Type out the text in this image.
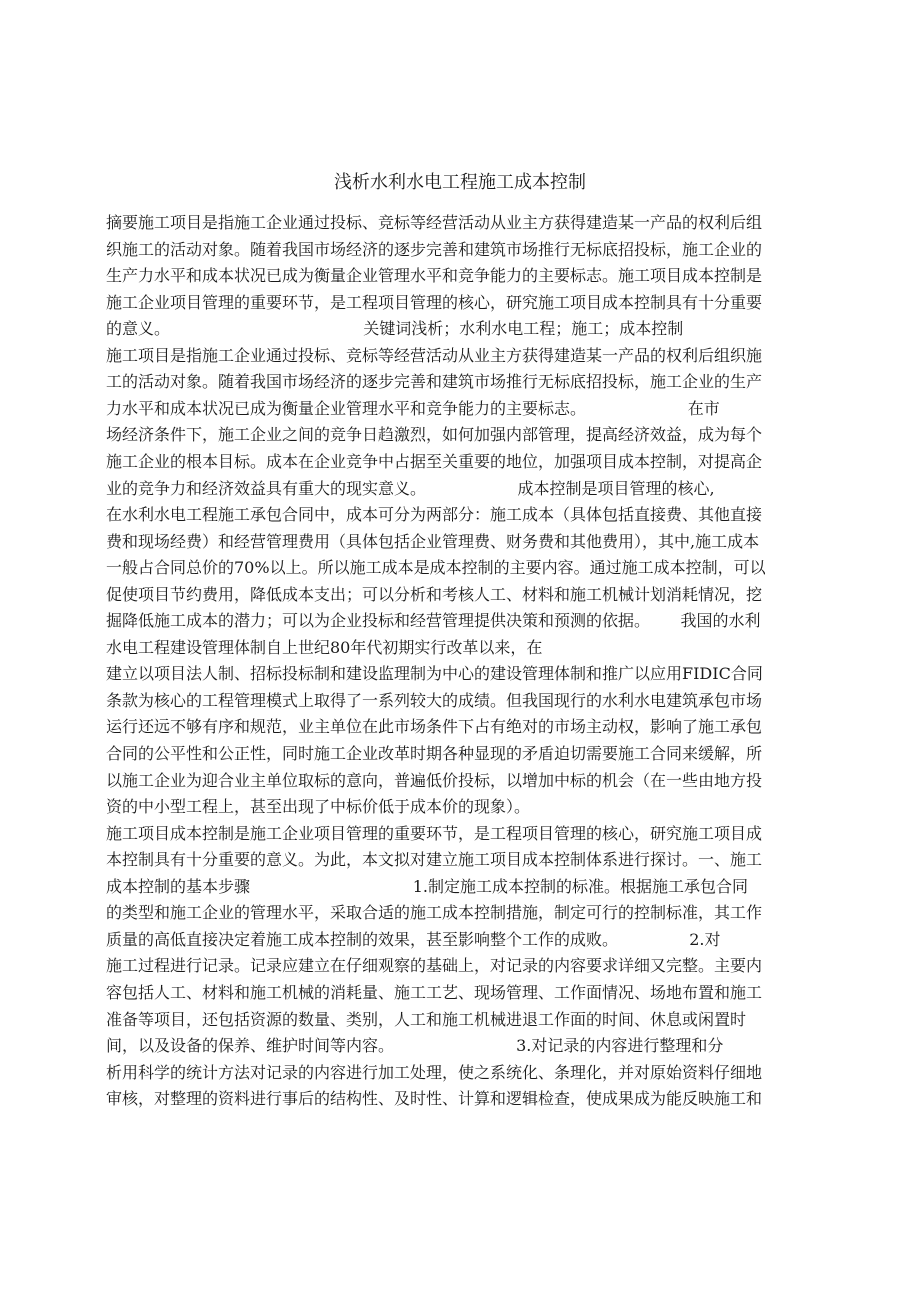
浅析水利水电工程施工成本控制
摘要施工项目是指施工企业通过投标、竞标等经营活动从业主方获得建造某一产品的权利后组
织施工的活动对象。随着我国市场经济的逐步完善和建筑市场推行无标底招投标，施工企业的
生产力水平和成本状况已成为衡量企业管理水平和竞争能力的主要标志。施工项目成本控制是
施工企业项目管理的重要环节，是工程项目管理的核心，研究施工项目成本控制具有十分重要
的意义。                                      关键词浅析；水利水电工程；施工；成本控制
施工项目是指施工企业通过投标、竞标等经营活动从业主方获得建造某一产品的权利后组织施
工的活动对象。随着我国市场经济的逐步完善和建筑市场推行无标底招投标，施工企业的生产
力水平和成本状况已成为衡量企业管理水平和竞争能力的主要标志。                    在市
场经济条件下，施工企业之间的竞争日趋激烈，如何加强内部管理，提高经济效益，成为每个
施工企业的根本目标。成本在企业竞争中占据至关重要的地位，加强项目成本控制，对提高企
业的竞争力和经济效益具有重大的现实意义。                  成本控制是项目管理的核心,
在水利水电工程施工承包合同中，成本可分为两部分：施工成本（具体包括直接费、其他直接
费和现场经费）和经营管理费用（具体包括企业管理费、财务费和其他费用），其中,施工成本
一般占合同总价的70%以上。所以施工成本是成本控制的主要内容。通过施工成本控制，可以
促使项目节约费用，降低成本支出；可以分析和考核人工、材料和施工机械计划消耗情况，挖
掘降低施工成本的潜力；可以为企业投标和经营管理提供决策和预测的依据。      我国的水利
水电工程建设管理体制自上世纪80年代初期实行改革以来，在
建立以项目法人制、招标投标制和建设监理制为中心的建设管理体制和推广以应用FIDIC合同
条款为核心的工程管理模式上取得了一系列较大的成绩。但我国现行的水利水电建筑承包市场
运行还远不够有序和规范，业主单位在此市场条件下占有绝对的市场主动权，影响了施工承包
合同的公平性和公正性，同时施工企业改革时期各种显现的矛盾迫切需要施工合同来缓解，所
以施工企业为迎合业主单位取标的意向，普遍低价投标，以增加中标的机会（在一些由地方投
资的中小型工程上，甚至出现了中标价低于成本价的现象）。
施工项目成本控制是施工企业项目管理的重要环节，是工程项目管理的核心，研究施工项目成
本控制具有十分重要的意义。为此，本文拟对建立施工项目成本控制体系进行探讨。一、施工
成本控制的基本步骤                                1.制定施工成本控制的标准。根据施工承包合同
的类型和施工企业的管理水平，采取合适的施工成本控制措施，制定可行的控制标准，其工作
质量的高低直接决定着施工成本控制的效果，甚至影响整个工作的成败。              2.对
施工过程进行记录。记录应建立在仔细观察的基础上，对记录的内容要求详细又完整。主要内
容包括人工、材料和施工机械的消耗量、施工工艺、现场管理、工作面情况、场地布置和施工
准备等项目，还包括资源的数量、类别，人工和施工机械进退工作面的时间、休息或闲置时
间，以及设备的保养、维护时间等内容。                        3.对记录的内容进行整理和分
析用科学的统计方法对记录的内容进行加工处理，使之系统化、条理化，并对原始资料仔细地
审核，对整理的资料进行事后的结构性、及时性、计算和逻辑检查，使成果成为能反映施工和
